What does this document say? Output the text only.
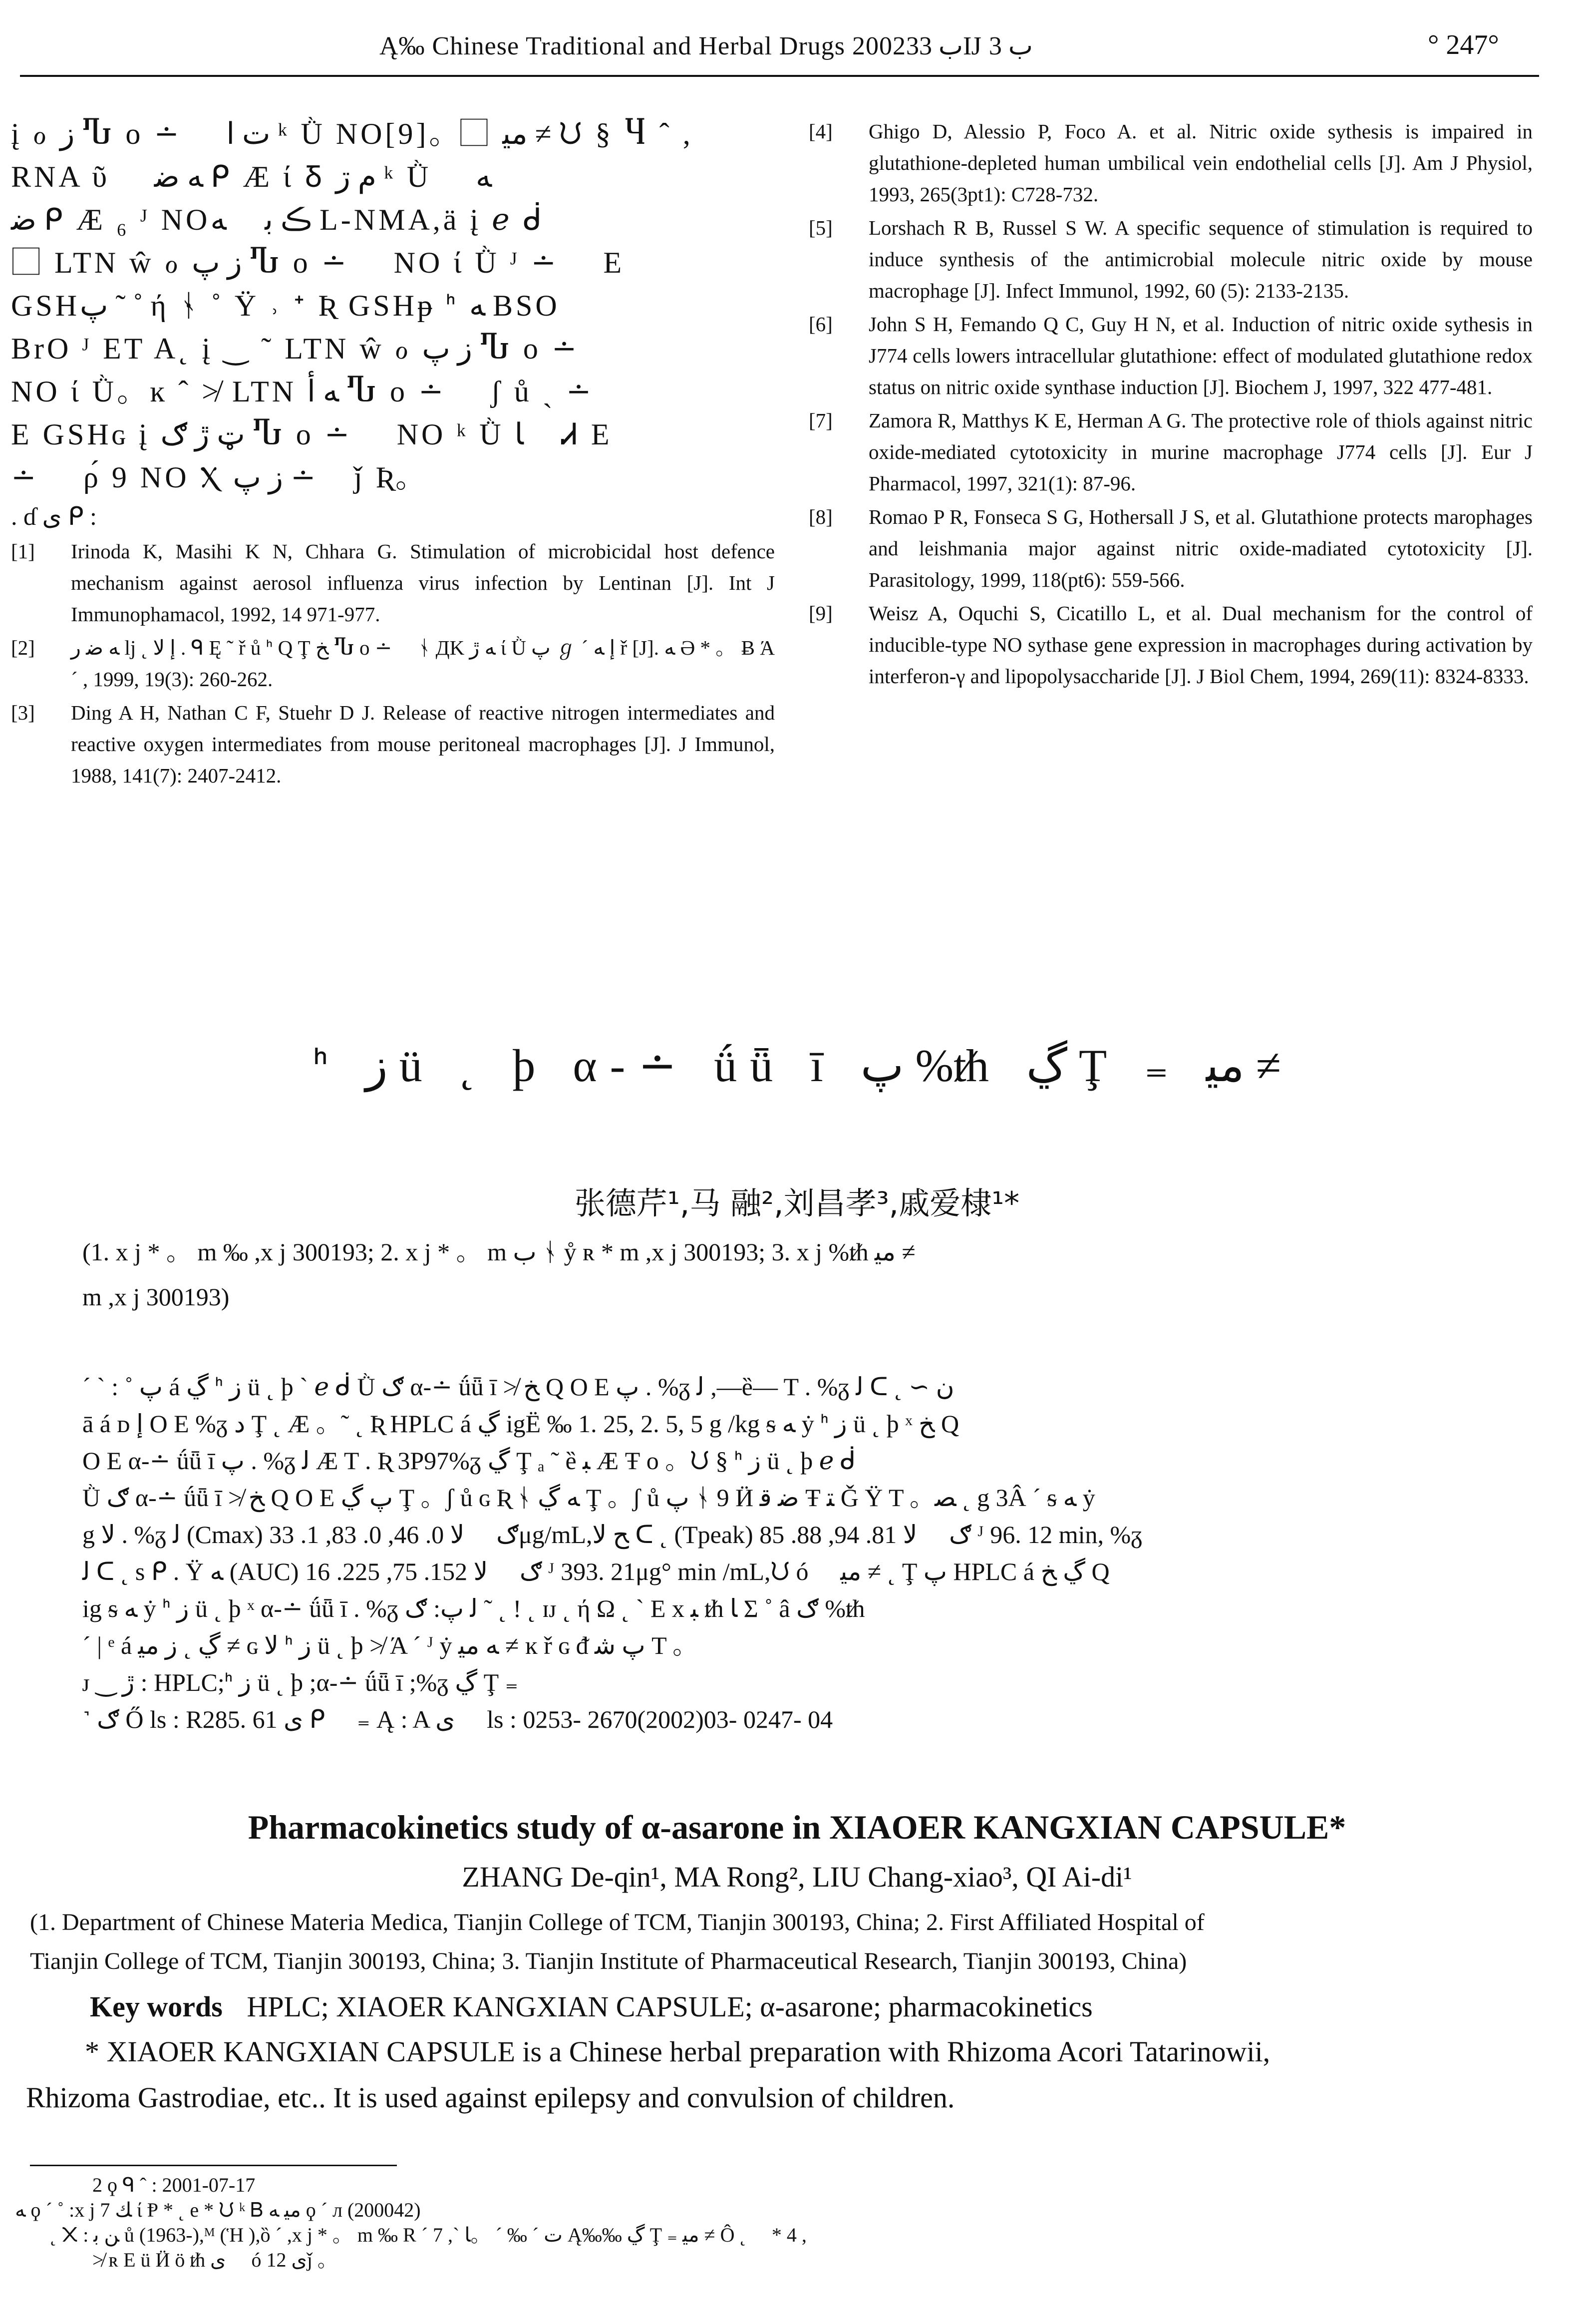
Ą‰ Chinese Traditional and Herbal Drugs 2002ب 33Ĳ ب 3	° 247°
į ℴ ز Ⴠ o ∸ ⃞ ت ا ᵏ Ǜ NO[9]。⃞ ﻣﻴ ≠ ᙀ § Ⴗ ˆ ,
RNA ῦ ⃞ ﻪ ﺿ ᑭ Æ ί Ᵹ ﻡ ڗ ᵏ Ǜ ⃞ ﻪ
ﺿ ᑭ Æ ₆ ᴶ NOڪ ﺑ ⃞ ﻪ L-NMA,ä į ℯ ᑰ
⃞ LTN ŵ ℴ ز پ Ⴠ o ∸ ⃞ NO ί Ǜ ᴶ ∸ ⃞ E
GSHپ ˜ ˚ ή ᛀ ˚ Ÿ ˒ ᐩ Ʀ GSHᵽ ᑋ ﻪ BSO
BrO ᴶ ET A˛ į ‿ ˜ LTN ŵ ℴ ز پ Ⴠ o ∸ ⃞
NO ί Ǜ。ĸ ˆ ≯ LTN ﻪ ﺃ Ⴠ o ∸ ⃞ ʃ ů ˏ ∸ ⃞
E GSHɢ į ټ ڙ ګ Ⴠ o ∸ ⃞ NO ᵏ Ǜ ﺎ ⃞ Ꮧ E
∸ ⃞ ρ́ 9 NO Ⲭ ز پ ∸ ⃞ ǰ Ʀ。
. ɗ ى ᑭ :
[1]	Irinoda K, Masihi K N, Chhara G. Stimulation of microbicidal host defence mechanism against aerosol influenza virus infection by Lentinan [J]. Int J Immunophamacol, 1992, 14 971-977.
[2]	ﻪ ﺿ ﺭ lj ˛ ﺇ ﻻ . ᑫ Ę ˜ ř ů ᑋ Q Ţ ﺦ Ⴠ o ∸ ⃞ ᛀ ДK ﻪ ڙ ί Ǜ پ ℊ ˊ ﺇ ﻪ ř [J]. ﻪ Ә * 。 Ƀ Ά ˊ , 1999, 19(3): 260-262.
[3]	Ding A H, Nathan C F, Stuehr D J. Release of reactive nitrogen intermediates and reactive oxygen intermediates from mouse peritoneal macrophages [J]. J Immunol, 1988, 141(7): 2407-2412.
[4]	Ghigo D, Alessio P, Foco A. et al. Nitric oxide sythesis is impaired in glutathione-depleted human umbilical vein endothelial cells [J]. Am J Physiol, 1993, 265(3pt1): C728-732.
[5]	Lorshach R B, Russel S W. A specific sequence of stimulation is required to induce synthesis of the antimicrobial molecule nitric oxide by mouse macrophage [J]. Infect Immunol, 1992, 60 (5): 2133-2135.
[6]	John S H, Femando Q C, Guy H N, et al. Induction of nitric oxide sythesis in J774 cells lowers intracellular glutathione: effect of modulated glutathione redox status on nitric oxide synthase induction [J]. Biochem J, 1997, 322 477-481.
[7]	Zamora R, Matthys K E, Herman A G. The protective role of thiols against nitric oxide-mediated cytotoxicity in murine macrophage J774 cells [J]. Eur J Pharmacol, 1997, 321(1): 87-96.
[8]	Romao P R, Fonseca S G, Hothersall J S, et al. Glutathione protects marophages and leishmania major against nitric oxide-madiated cytotoxicity [J]. Parasitology, 1999, 118(pt6): 559-566.
[9]	Weisz A, Oquchi S, Cicatillo L, et al. Dual mechanism for the control of inducible-type NO sythase gene expression in macrophages during activation by interferon-γ and lipopolysaccharide [J]. J Biol Chem, 1994, 269(11): 8324-8333.
ᑋ ز ü ˛ þ α-∸ ǘǖ ī پ %ᵺ ڲ Ţ ₌ ﻣﻴ ≠
张德芹¹,马 融²,刘昌孝³,戚爱棣¹*
(1. x j * 。 m ‰ ,x j 300193; 2. x j * 。 m ب ᛀ ẙ ʀ * m ,x j 300193; 3. x j %ᵺ ﻣﻴ ≠
m ,x j 300193)
ˊ ˋ : ˚ پ á ڲ ᑋ ز ü ˛ þ ˋ ℯ ᑰ Ǜ ګ α-∸ ǘǖ ī ≯ ﺦ Q O E پ . %ᵹ ﻟ ,—ȅ— T . %ᵹ ﻟ ᑕ ˛ ∽ ﻥ
ā á ᴅ ﺇ O E %ᵹ ﺩ Ţ ˛ Æ 。˜ ˛ Ʀ HPLC á ڲ igË ‰ 1. 25, 2. 5, 5 g /kg ᵴ ﻪ ẏ ᑋ ز ü ˛ þ ˣ ﺦ Q
O E α-∸ ǘǖ ī پ . %ᵹ ﻟ Æ T . Ʀ 3P97%ᵹ ڲ Ţ ₐ ˜ ȅ ﺒ Æ Ŧ o 。ᙀ § ᑋ ز ü ˛ þ ℯ ᑰ
Ǜ ګ α-∸ ǘǖ ī ≯ ﺦ Q O E پ ڲ Ţ 。ʃ ů ɢ Ʀ ᛀ ﻪ ڲ Ţ 。ʃ ů پ ᛀ 9 Ӥ ﺿ ﻗ Ŧ ﺘ Ǧ Ÿ T 。ﺼ ˛ g 3Â ˊ ᵴ ﻪ ẏ
g ﻻ . %ᵹ ﻟ (Cmax) ګ ⃞ ﻻ 0. 46, 0. 83, 1. 33μg/mL,ﺢ ﻻ ᑕ ˛ (Tpeak) ګ ⃞ ﻻ 81. 94, 88. 85 ᴶ 96. 12 min, %ᵹ
ﻟ ᑕ ˛ s ᑭ . Ÿ ﻪ (AUC) ګ ⃞ ﻻ 152. 75, 225. 16 ᴶ 393. 21μg° min /mL,ᙀ ó ⃞ ﻣﻴ ≠ ˛ Ţ پ HPLC á ڲ ﺦ Q
ig ᵴ ﻪ ẏ ᑋ ز ü ˛ þ ˣ α-∸ ǘǖ ī . %ᵹ ﻟ پ: ګ ˜ ˛ ! ˛ ɪᴊ ˛ ή Ω ˛ ˋ E x ﺒ ᵺ ﺎ Σ ˚ â ګ %ᵺ
ˊ | ᵉ á ڲ ˛ ﺯ ﻣﻴ ≠ ɢ ﻻ ᑋ ز ü ˛ þ ≯ Ά ˊ ᴶ ẏ ﻪ ﻣﻴ ≠ ĸ ř ɢ ᵭ پ ﺷ T 。
ᴊ ‿ ڙ : HPLC;ᑋ ز ü ˛ þ ;α-∸ ǘǖ ī ;%ᵹ ڲ Ţ ₌
˺ ګ Ő ls : R285. 61 ى ᑭ ⃞ ₌ Ą : A ى ⃞ ls : 0253- 2670(2002)03- 0247- 04
Pharmacokinetics study of α-asarone in XIAOER KANGXIAN CAPSULE*
ZHANG De-qin¹, MA Rong², LIU Chang-xiao³, QI Ai-di¹
(1. Department of Chinese Materia Medica, Tianjin College of TCM, Tianjin 300193, China; 2. First Affiliated Hospital of
Tianjin College of TCM, Tianjin 300193, China; 3. Tianjin Institute of Pharmaceutical Research, Tianjin 300193, China)
Key words HPLC; XIAOER KANGXIAN CAPSULE; α-asarone; pharmacokinetics
* XIAOER KANGXIAN CAPSULE is a Chinese herbal preparation with Rhizoma Acori Tatarinowii,
Rhizoma Gastrodiae, etc.. It is used against epilepsy and convulsion of children.
2 ϙ ᑫ ˆ : 2001-07-17
ﻪ ϙ ˊ ˚ :x j 7 ﻚ ί Ᵽ * ˛ e * ᙀ ᵏ Ᏼ ﻣﻴ ﻪ ϙ ˊ л (200042)
˛ ᙭ : ﻦ ﺑ ů (1963-),ᴹ (Ἡ ),ȍ ˊ ,x j * 。 m ‰ R ˊ 7 ,ˋ ﺕ ˊ ‰ ˊ 。ﺎ Ą‰‰ ڲ Ţ ₌ ﻣﻴ ≠ Ô ˛ ⃞ * 4 ,
≯ ʀ E ü Ӥ ö ᵺ ى ⃞ ó ى 12ǰ 。
